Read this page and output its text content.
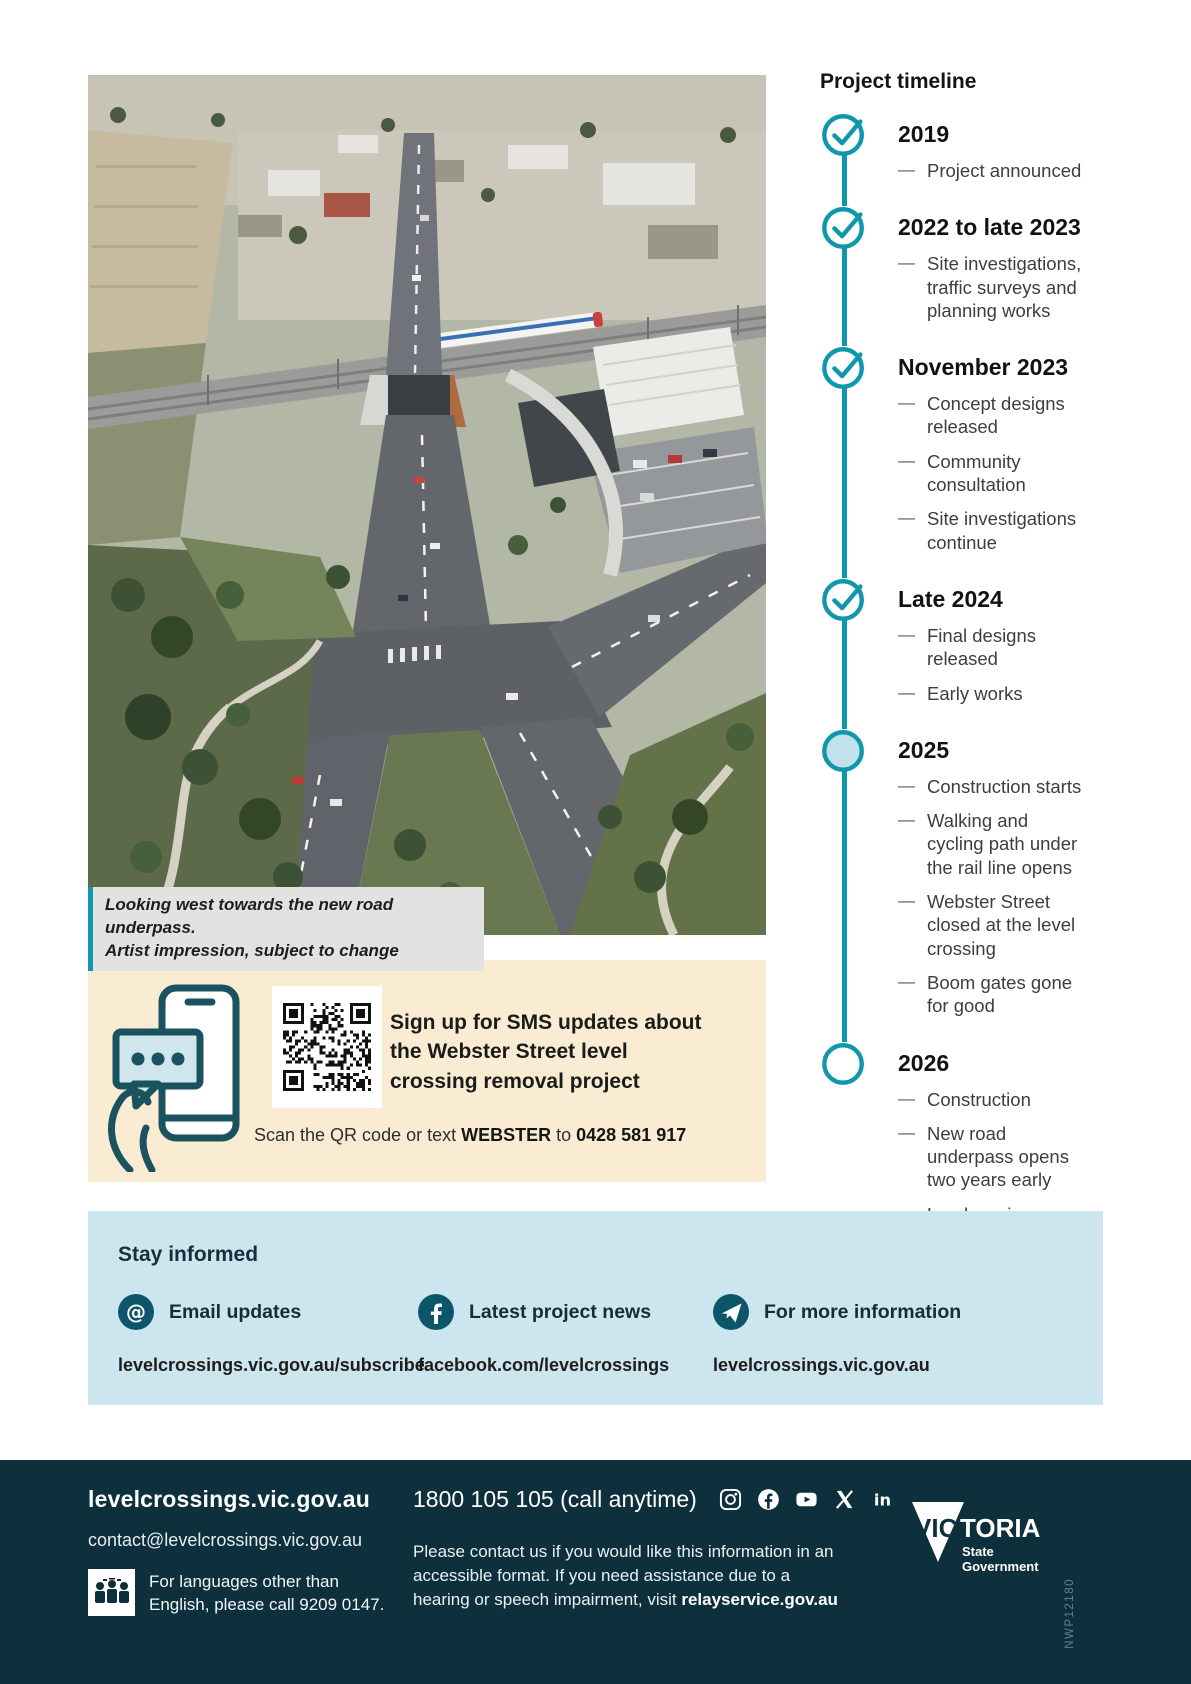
Looking west towards the new road underpass.
Artist impression, subject to change
Project timeline
2019
— Project announced
2022 to late 2023
— Site investigations, traffic surveys and planning works
November 2023
— Concept designs released
— Community consultation
— Site investigations continue
Late 2024
— Final designs released
— Early works
2025
— Construction starts
— Walking and cycling path under the rail line opens
— Webster Street closed at the level crossing
— Boom gates gone for good
2026
— Construction
— New road underpass opens two years early
—
Sign up for SMS updates about the Webster Street level crossing removal project
Scan the QR code or text WEBSTER to 0428 581 917
Stay informed
@ Email updates
levelcrossings.vic.gov.au/subscribe
Latest project news
facebook.com/levelcrossings
For more information
levelcrossings.vic.gov.au
levelcrossings.vic.gov.au
contact@levelcrossings.vic.gov.au
For languages other than English, please call 9209 0147.
1800 105 105 (call anytime)	in
Please contact us if you would like this information in an accessible format. If you need assistance due to a hearing or speech impairment, visit relayservice.gov.au
VIC TORIA
State
Government
NWP12180
